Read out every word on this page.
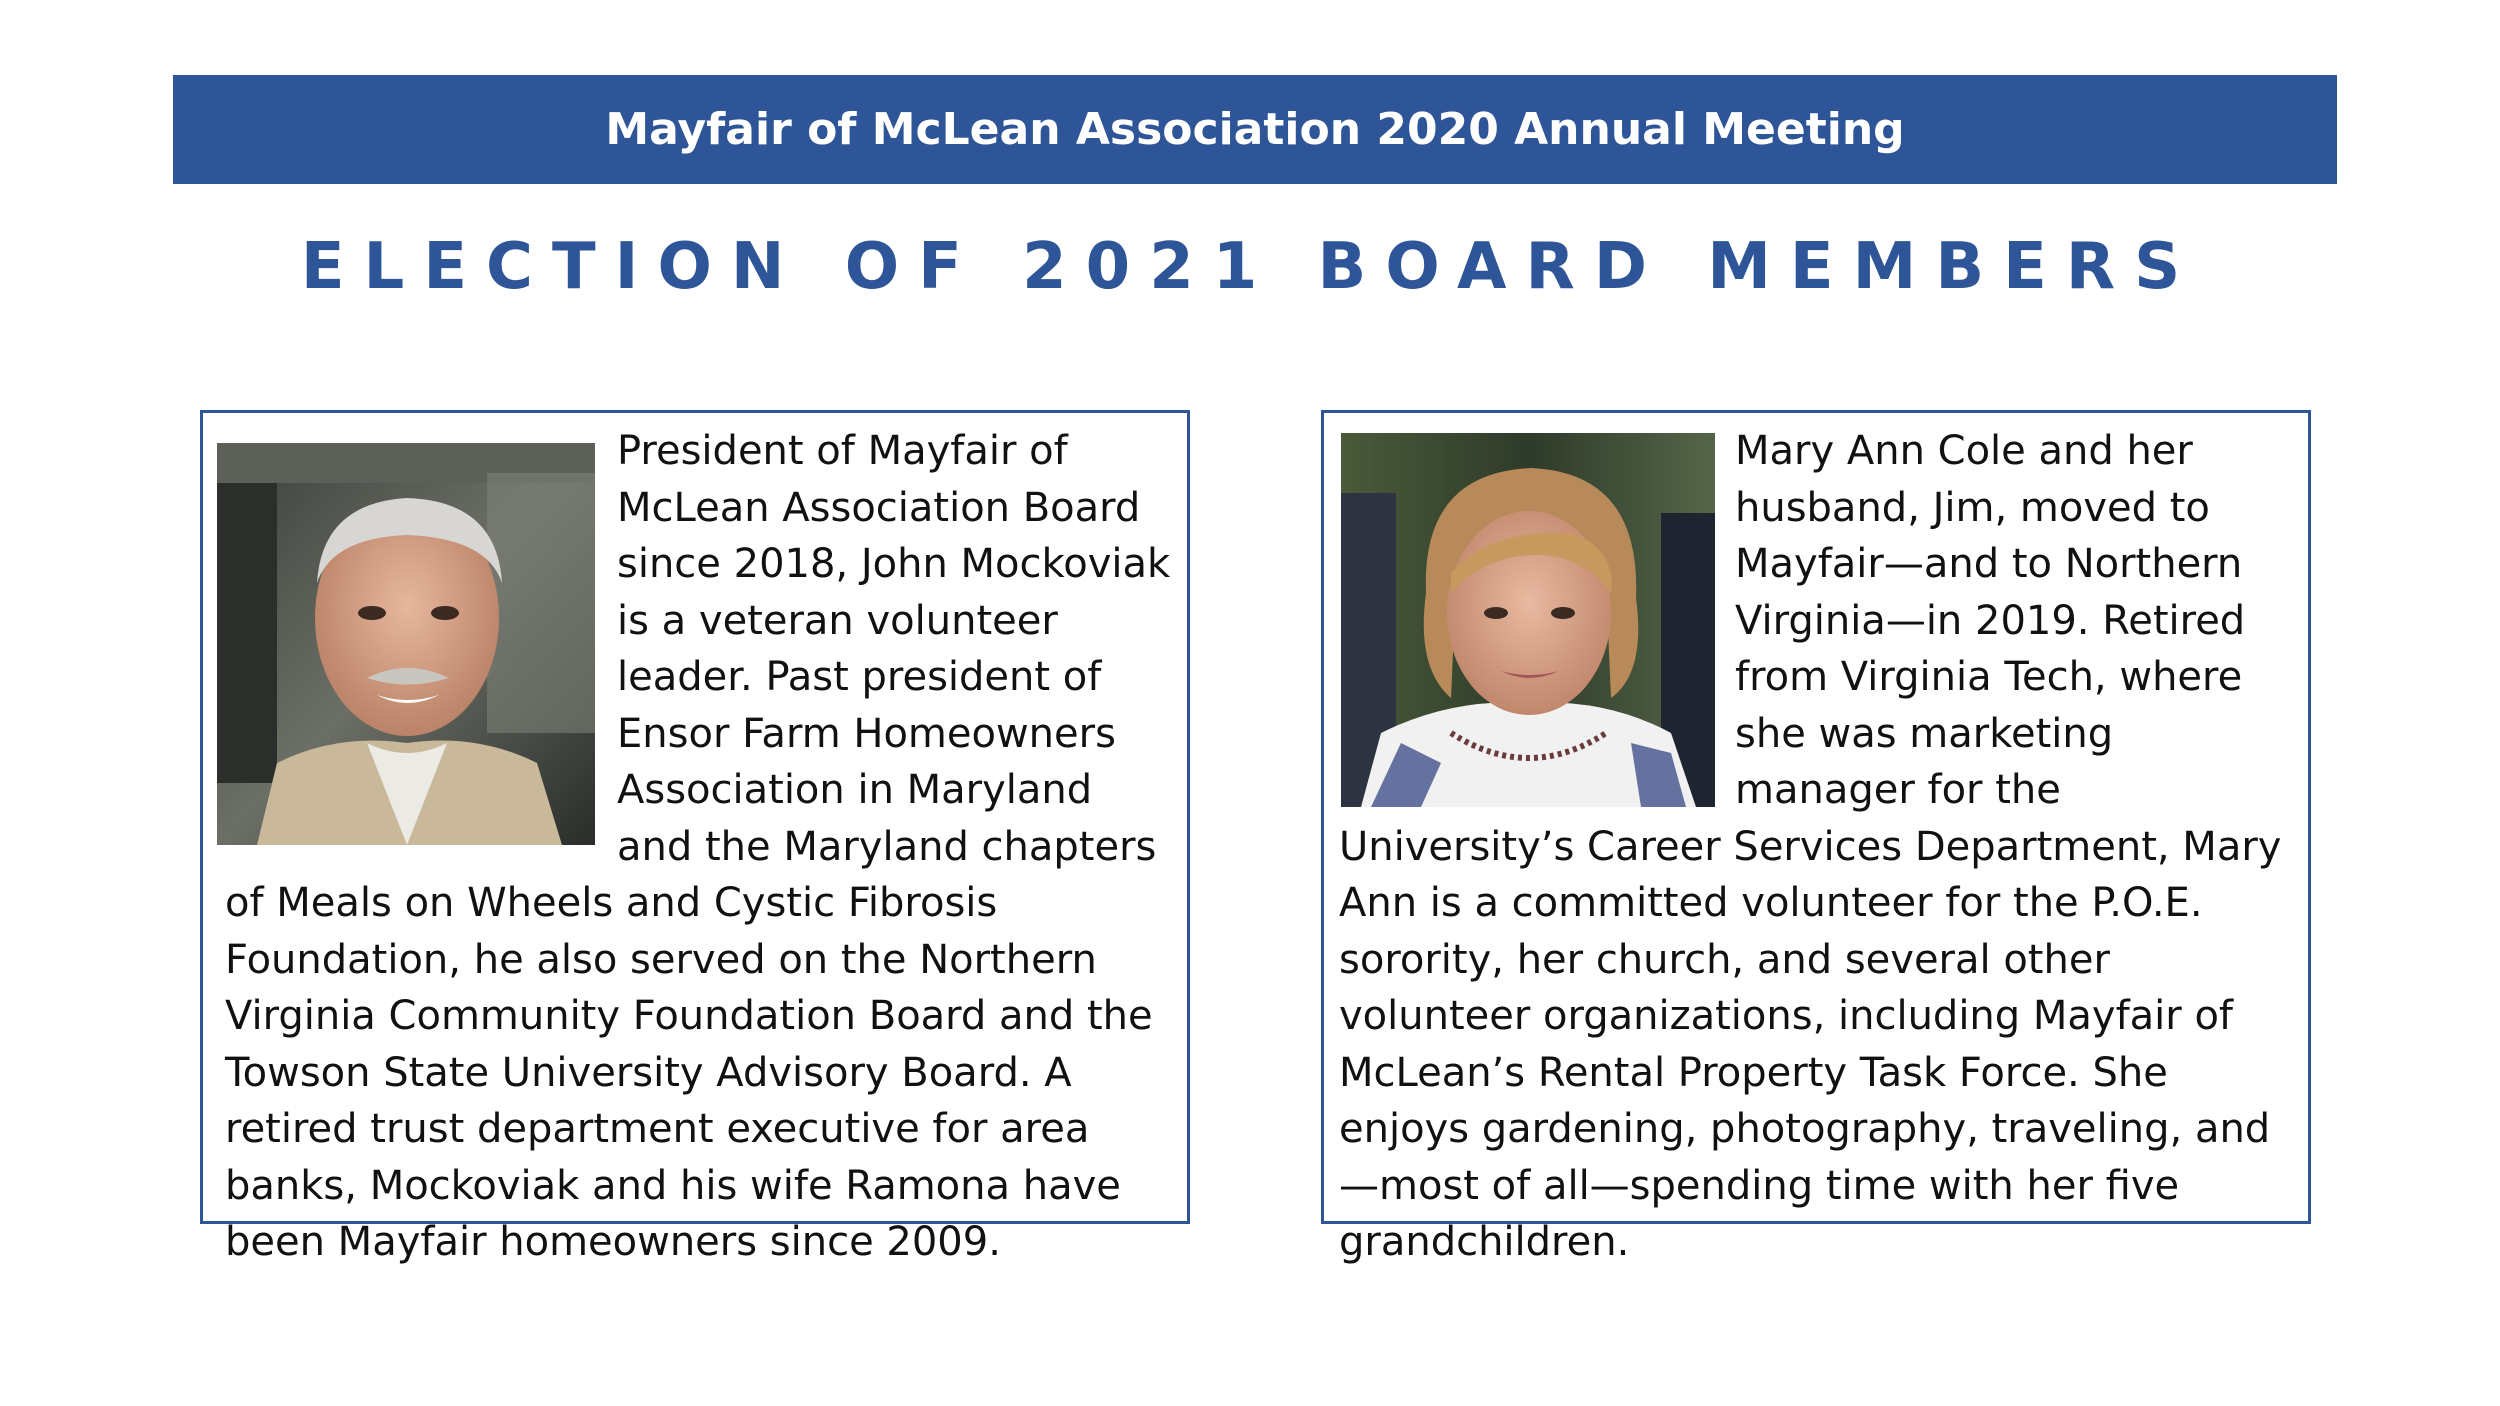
Mayfair of McLean Association 2020 Annual Meeting
ELECTION OF 2021 BOARD MEMBERS
President of Mayfair of McLean Association Board since 2018, John Mockoviak is a veteran volunteer leader. Past president of Ensor Farm Homeowners Association in Maryland and the Maryland chapters of Meals on Wheels and Cystic Fibrosis Foundation, he also served on the Northern Virginia Community Foundation Board and the Towson State University Advisory Board. A retired trust department executive for area banks, Mockoviak and his wife Ramona have been Mayfair homeowners since 2009.
Mary Ann Cole and her husband, Jim, moved to Mayfair—and to Northern Virginia—in 2019. Retired from Virginia Tech, where she was marketing manager for the University’s Career Services Department, Mary Ann is a committed volunteer for the P.O.E. sorority, her church, and several other volunteer organizations, including Mayfair of McLean’s Rental Property Task Force. She enjoys gardening, photography, traveling, and—most of all—spending time with her five grandchildren.
